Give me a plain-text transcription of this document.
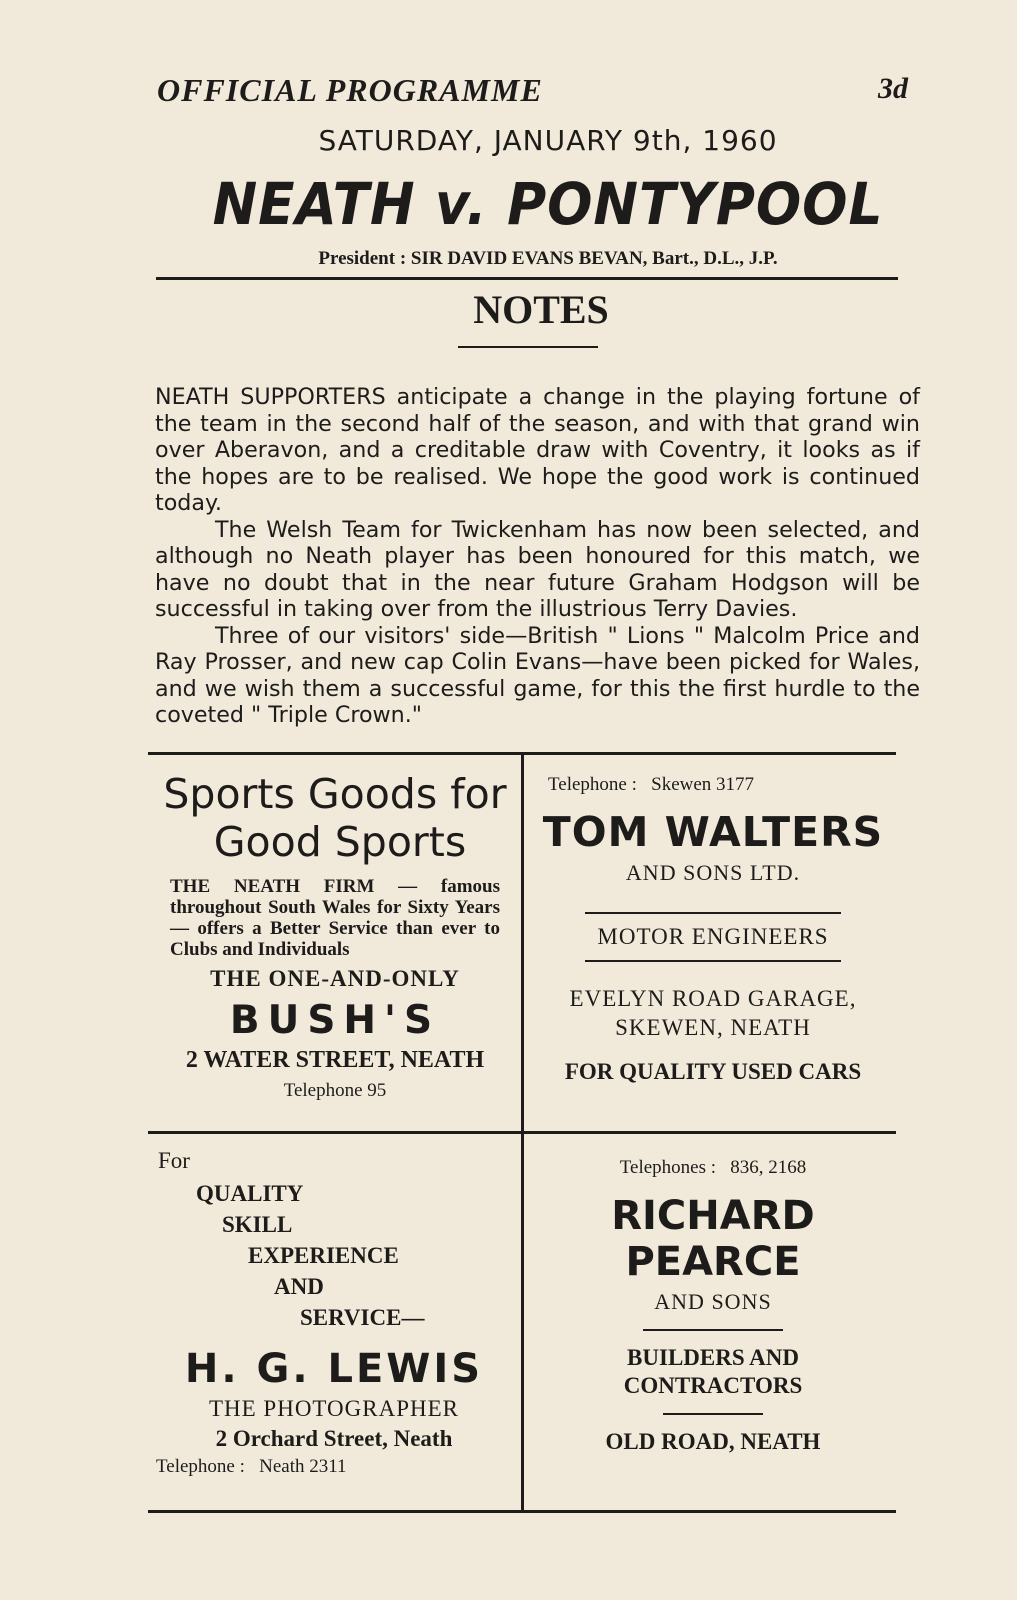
OFFICIAL PROGRAMME	3d
SATURDAY, JANUARY 9th, 1960
NEATH v. PONTYPOOL
President : SIR DAVID EVANS BEVAN, Bart., D.L., J.P.
NOTES

NEATH SUPPORTERS anticipate a change in the playing fortune of the team in the second half of the season, and with that grand win over Aberavon, and a creditable draw with Coventry, it looks as if the hopes are to be realised. We hope the good work is continued today.

The Welsh Team for Twickenham has now been selected, and although no Neath player has been honoured for this match, we have no doubt that in the near future Graham Hodgson will be successful in taking over from the illustrious Terry Davies.

Three of our visitors' side—British " Lions " Malcolm Price and Ray Prosser, and new cap Colin Evans—have been picked for Wales, and we wish them a successful game, for this the first hurdle to the coveted " Triple Crown."

Sports Goods for
Good Sports
THE NEATH FIRM — famous throughout South Wales for Sixty Years — offers a Better Service than ever to Clubs and Individuals
THE ONE-AND-ONLY
BUSH'S
2 WATER STREET, NEATH
Telephone 95
Telephone :   Skewen 3177
TOM WALTERS
AND SONS LTD.
MOTOR ENGINEERS
EVELYN ROAD GARAGE,
SKEWEN, NEATH
FOR QUALITY USED CARS
For
QUALITY
SKILL
EXPERIENCE
AND
SERVICE—
H. G. LEWIS
THE PHOTOGRAPHER
2 Orchard Street, Neath
Telephone :   Neath 2311
Telephones :   836, 2168
RICHARD
PEARCE
AND SONS
BUILDERS AND
CONTRACTORS
OLD ROAD, NEATH
